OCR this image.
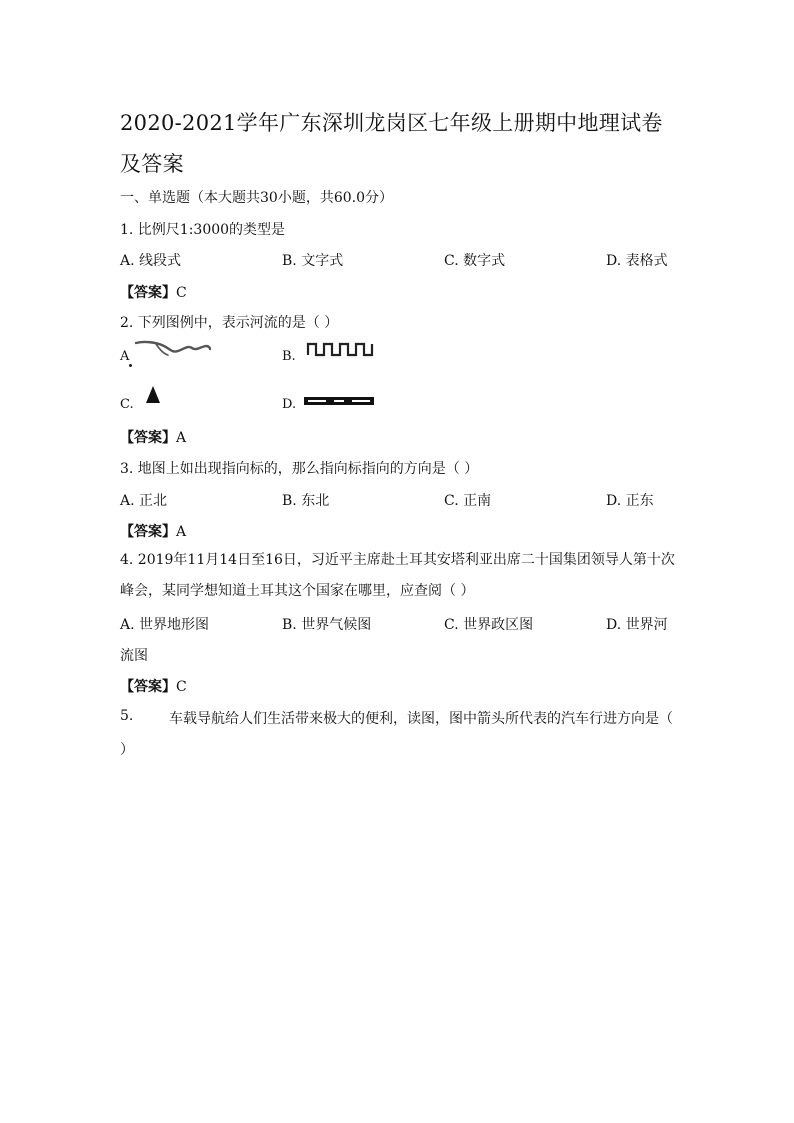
2020-2021学年广东深圳龙岗区七年级上册期中地理试卷及答案
一、单选题（本大题共30小题，共60.0分）
1. 比例尺1:3000的类型是
A. 线段式	B. 文字式	C. 数字式	D. 表格式
【答案】C
2. 下列图例中，表示河流的是（ ）
A	B.
C.	D.
【答案】A
3. 地图上如出现指向标的，那么指向标指向的方向是（ ）
A. 正北	B. 东北	C. 正南	D. 正东
【答案】A
4. 2019年11月14日至16日，习近平主席赴土耳其安塔利亚出席二十国集团领导人第十次峰会，某同学想知道土耳其这个国家在哪里，应查阅（ ）
A. 世界地形图	B. 世界气候图	C. 世界政区图	D. 世界河
流图
【答案】C
5.	车载导航给人们生活带来极大的便利，读图，图中箭头所代表的汽车行进方向是（
）
